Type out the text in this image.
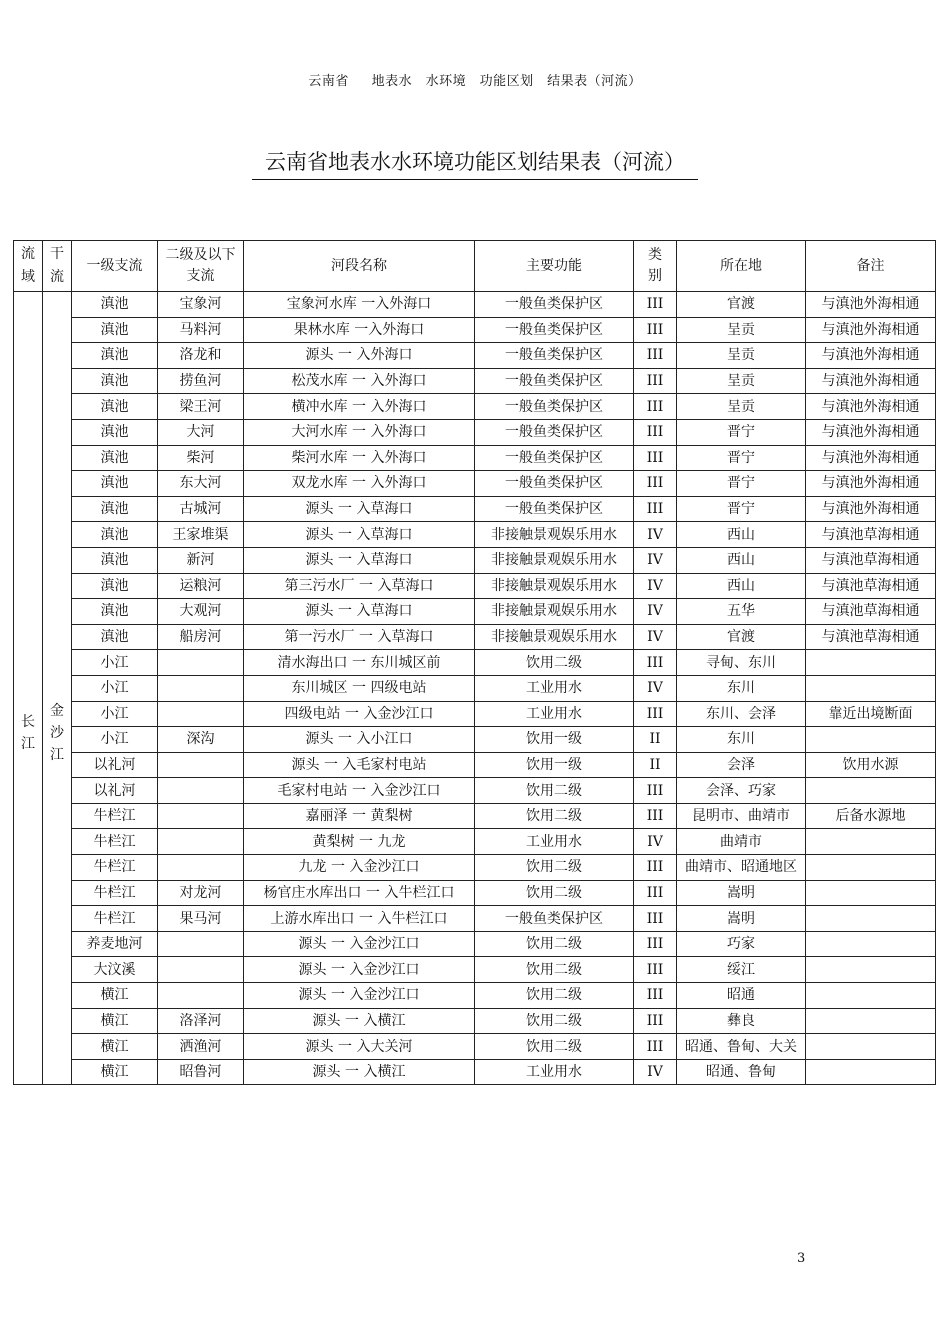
云南省　  地表水　水环境　功能区划　结果表（河流）
云南省地表水水环境功能区划结果表（河流）
流域	干流	一级支流	二级及以下支流	河段名称	主要功能	类别	所在地	备注
长江	金沙江	滇池	宝象河	宝象河水库 一入外海口	一般鱼类保护区	III	官渡	与滇池外海相通
		滇池	马料河	果林水库 一入外海口	一般鱼类保护区	III	呈贡	与滇池外海相通
		滇池	洛龙和	源头 一 入外海口	一般鱼类保护区	III	呈贡	与滇池外海相通
		滇池	捞鱼河	松茂水库 一 入外海口	一般鱼类保护区	III	呈贡	与滇池外海相通
		滇池	梁王河	横冲水库 一 入外海口	一般鱼类保护区	III	呈贡	与滇池外海相通
		滇池	大河	大河水库 一 入外海口	一般鱼类保护区	III	晋宁	与滇池外海相通
		滇池	柴河	柴河水库 一 入外海口	一般鱼类保护区	III	晋宁	与滇池外海相通
		滇池	东大河	双龙水库 一 入外海口	一般鱼类保护区	III	晋宁	与滇池外海相通
		滇池	古城河	源头 一 入草海口	一般鱼类保护区	III	晋宁	与滇池外海相通
		滇池	王家堆渠	源头 一 入草海口	非接触景观娱乐用水	IV	西山	与滇池草海相通
		滇池	新河	源头 一 入草海口	非接触景观娱乐用水	IV	西山	与滇池草海相通
		滇池	运粮河	第三污水厂 一 入草海口	非接触景观娱乐用水	IV	西山	与滇池草海相通
		滇池	大观河	源头 一 入草海口	非接触景观娱乐用水	IV	五华	与滇池草海相通
		滇池	船房河	第一污水厂 一 入草海口	非接触景观娱乐用水	IV	官渡	与滇池草海相通
		小江		清水海出口 一 东川城区前	饮用二级	III	寻甸、东川	
		小江		东川城区 一 四级电站	工业用水	IV	东川	
		小江		四级电站 一 入金沙江口	工业用水	III	东川、会泽	靠近出境断面
		小江	深沟	源头 一 入小江口	饮用一级	II	东川	
		以礼河		源头 一 入毛家村电站	饮用一级	II	会泽	饮用水源
		以礼河		毛家村电站 一 入金沙江口	饮用二级	III	会泽、巧家	
		牛栏江		嘉丽泽 一 黄梨树	饮用二级	III	昆明市、曲靖市	后备水源地
		牛栏江		黄梨树 一 九龙	工业用水	IV	曲靖市	
		牛栏江		九龙 一 入金沙江口	饮用二级	III	曲靖市、昭通地区	
		牛栏江	对龙河	杨官庄水库出口 一 入牛栏江口	饮用二级	III	嵩明	
		牛栏江	果马河	上游水库出口 一 入牛栏江口	一般鱼类保护区	III	嵩明	
		养麦地河		源头 一 入金沙江口	饮用二级	III	巧家	
		大汶溪		源头 一 入金沙江口	饮用二级	III	绥江	
		横江		源头 一 入金沙江口	饮用二级	III	昭通	
		横江	洛泽河	源头 一 入横江	饮用二级	III	彝良	
		横江	洒渔河	源头 一 入大关河	饮用二级	III	昭通、鲁甸、大关	
		横江	昭鲁河	源头 一 入横江	工业用水	IV	昭通、鲁甸	
3
